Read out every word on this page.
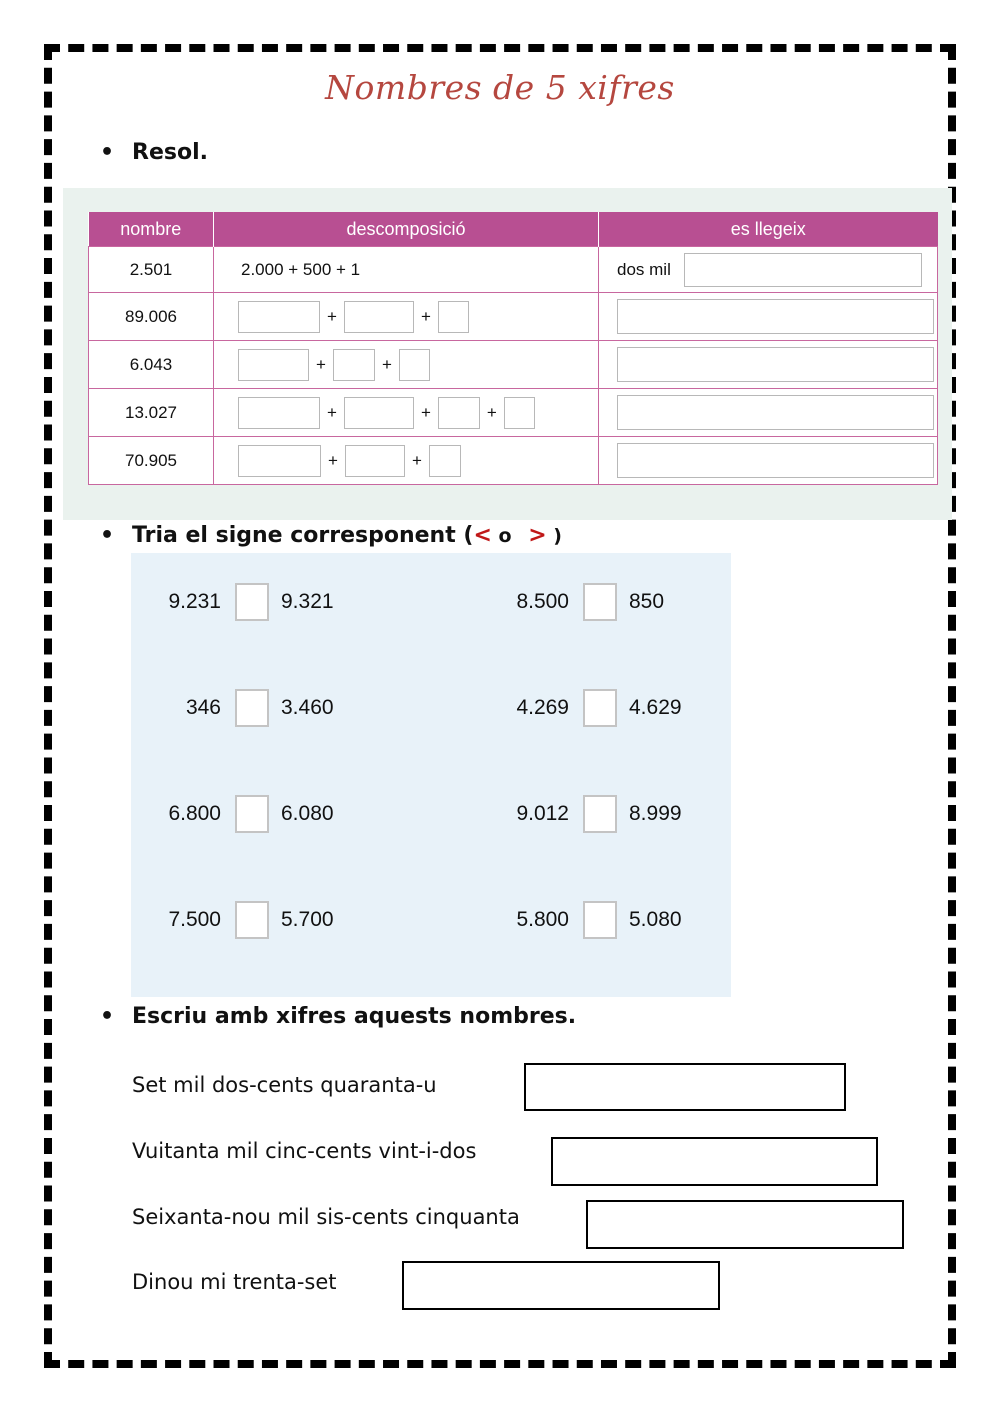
Nombres de 5 xifres
• Resol.
nombre	descomposició	es llegeix
2.501	2.000 + 500 + 1	dos mil
89.006	+ +	
6.043	+ +	
13.027	+ + +	
70.905	+ +	
• Tria el signe corresponent (< o > )
9.231	9.321	8.500	850
346	3.460	4.269	4.629
6.800	6.080	9.012	8.999
7.500	5.700	5.800	5.080
• Escriu amb xifres aquests nombres.
Set mil dos-cents quaranta-u
Vuitanta mil cinc-cents vint-i-dos
Seixanta-nou mil sis-cents cinquanta
Dinou mi trenta-set
